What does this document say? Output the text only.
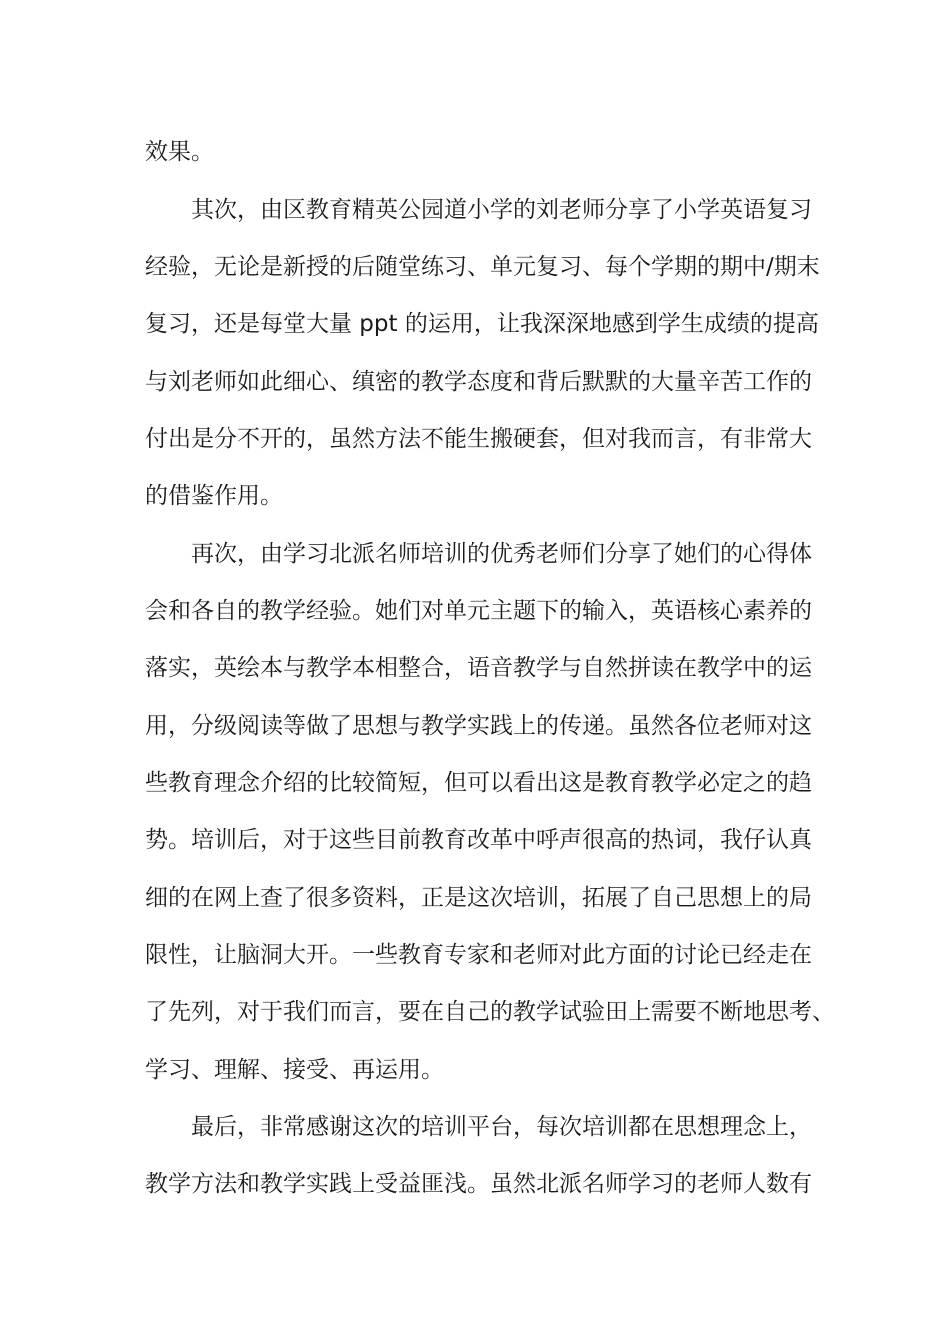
效果。

其次，由区教育精英公园道小学的刘老师分享了小学英语复习

经验，无论是新授的后随堂练习、单元复习、每个学期的期中/期末

复习，还是每堂大量 ppt 的运用，让我深深地感到学生成绩的提高

与刘老师如此细心、缜密的教学态度和背后默默的大量辛苦工作的

付出是分不开的，虽然方法不能生搬硬套，但对我而言，有非常大

的借鉴作用。

再次，由学习北派名师培训的优秀老师们分享了她们的心得体

会和各自的教学经验。她们对单元主题下的输入，英语核心素养的

落实，英绘本与教学本相整合，语音教学与自然拼读在教学中的运

用，分级阅读等做了思想与教学实践上的传递。虽然各位老师对这

些教育理念介绍的比较简短，但可以看出这是教育教学必定之的趋

势。培训后，对于这些目前教育改革中呼声很高的热词，我仔认真

细的在网上查了很多资料，正是这次培训，拓展了自己思想上的局

限性，让脑洞大开。一些教育专家和老师对此方面的讨论已经走在

了先列，对于我们而言，要在自己的教学试验田上需要不断地思考、

学习、理解、接受、再运用。

最后，非常感谢这次的培训平台，每次培训都在思想理念上，

教学方法和教学实践上受益匪浅。虽然北派名师学习的老师人数有
